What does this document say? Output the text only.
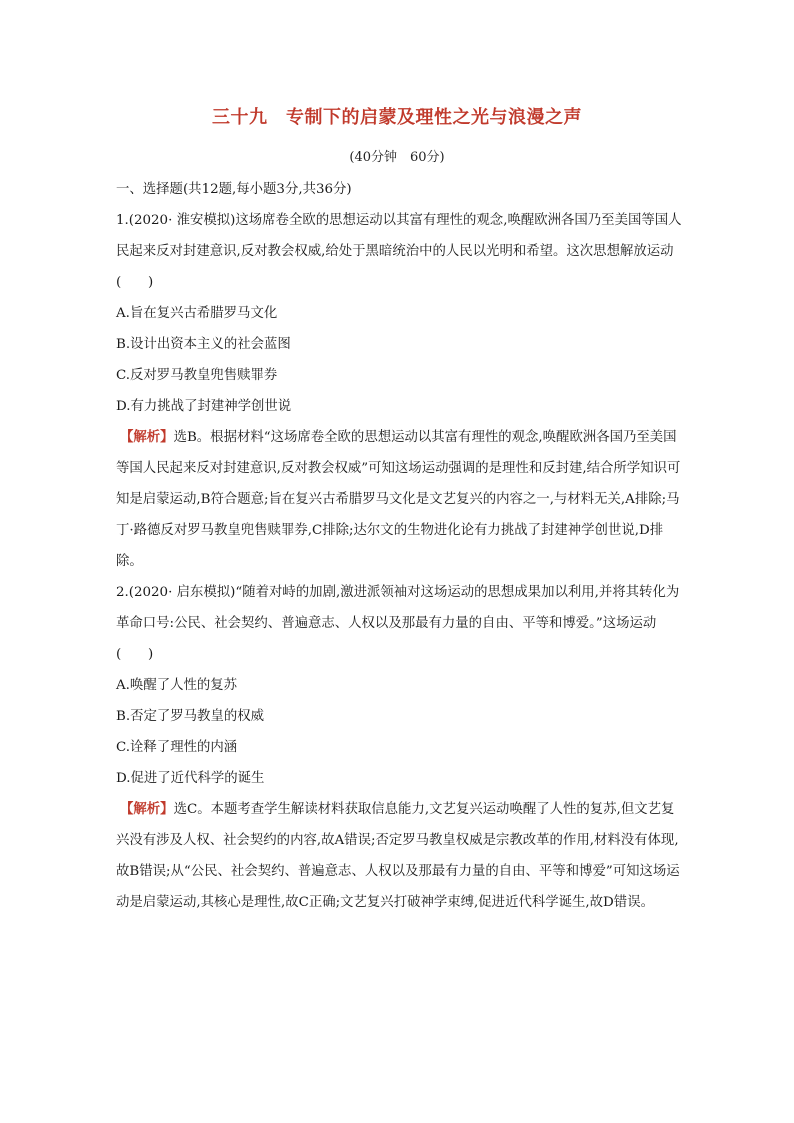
三十九　专制下的启蒙及理性之光与浪漫之声
(40分钟　60分)

一、选择题(共12题,每小题3分,共36分)

1.(2020· 淮安模拟)这场席卷全欧的思想运动以其富有理性的观念,唤醒欧洲各国乃至美国等国人民起来反对封建意识,反对教会权威,给处于黑暗统治中的人民以光明和希望。这次思想解放运动　(　　)

A.旨在复兴古希腊罗马文化

B.设计出资本主义的社会蓝图

C.反对罗马教皇兜售赎罪券

D.有力挑战了封建神学创世说

【解析】选B。根据材料“这场席卷全欧的思想运动以其富有理性的观念,唤醒欧洲各国乃至美国等国人民起来反对封建意识,反对教会权威”可知这场运动强调的是理性和反封建,结合所学知识可知是启蒙运动,B符合题意;旨在复兴古希腊罗马文化是文艺复兴的内容之一,与材料无关,A排除;马丁·路德反对罗马教皇兜售赎罪券,C排除;达尔文的生物进化论有力挑战了封建神学创世说,D排除。

2.(2020· 启东模拟)“随着对峙的加剧,激进派领袖对这场运动的思想成果加以利用,并将其转化为革命口号:公民、社会契约、普遍意志、人权以及那最有力量的自由、平等和博爱。”这场运动　(　　)

A.唤醒了人性的复苏

B.否定了罗马教皇的权威

C.诠释了理性的内涵

D.促进了近代科学的诞生

【解析】选C。本题考查学生解读材料获取信息能力,文艺复兴运动唤醒了人性的复苏,但文艺复兴没有涉及人权、社会契约的内容,故A错误;否定罗马教皇权威是宗教改革的作用,材料没有体现,故B错误;从“公民、社会契约、普遍意志、人权以及那最有力量的自由、平等和博爱”可知这场运动是启蒙运动,其核心是理性,故C正确;文艺复兴打破神学束缚,促进近代科学诞生,故D错误。
